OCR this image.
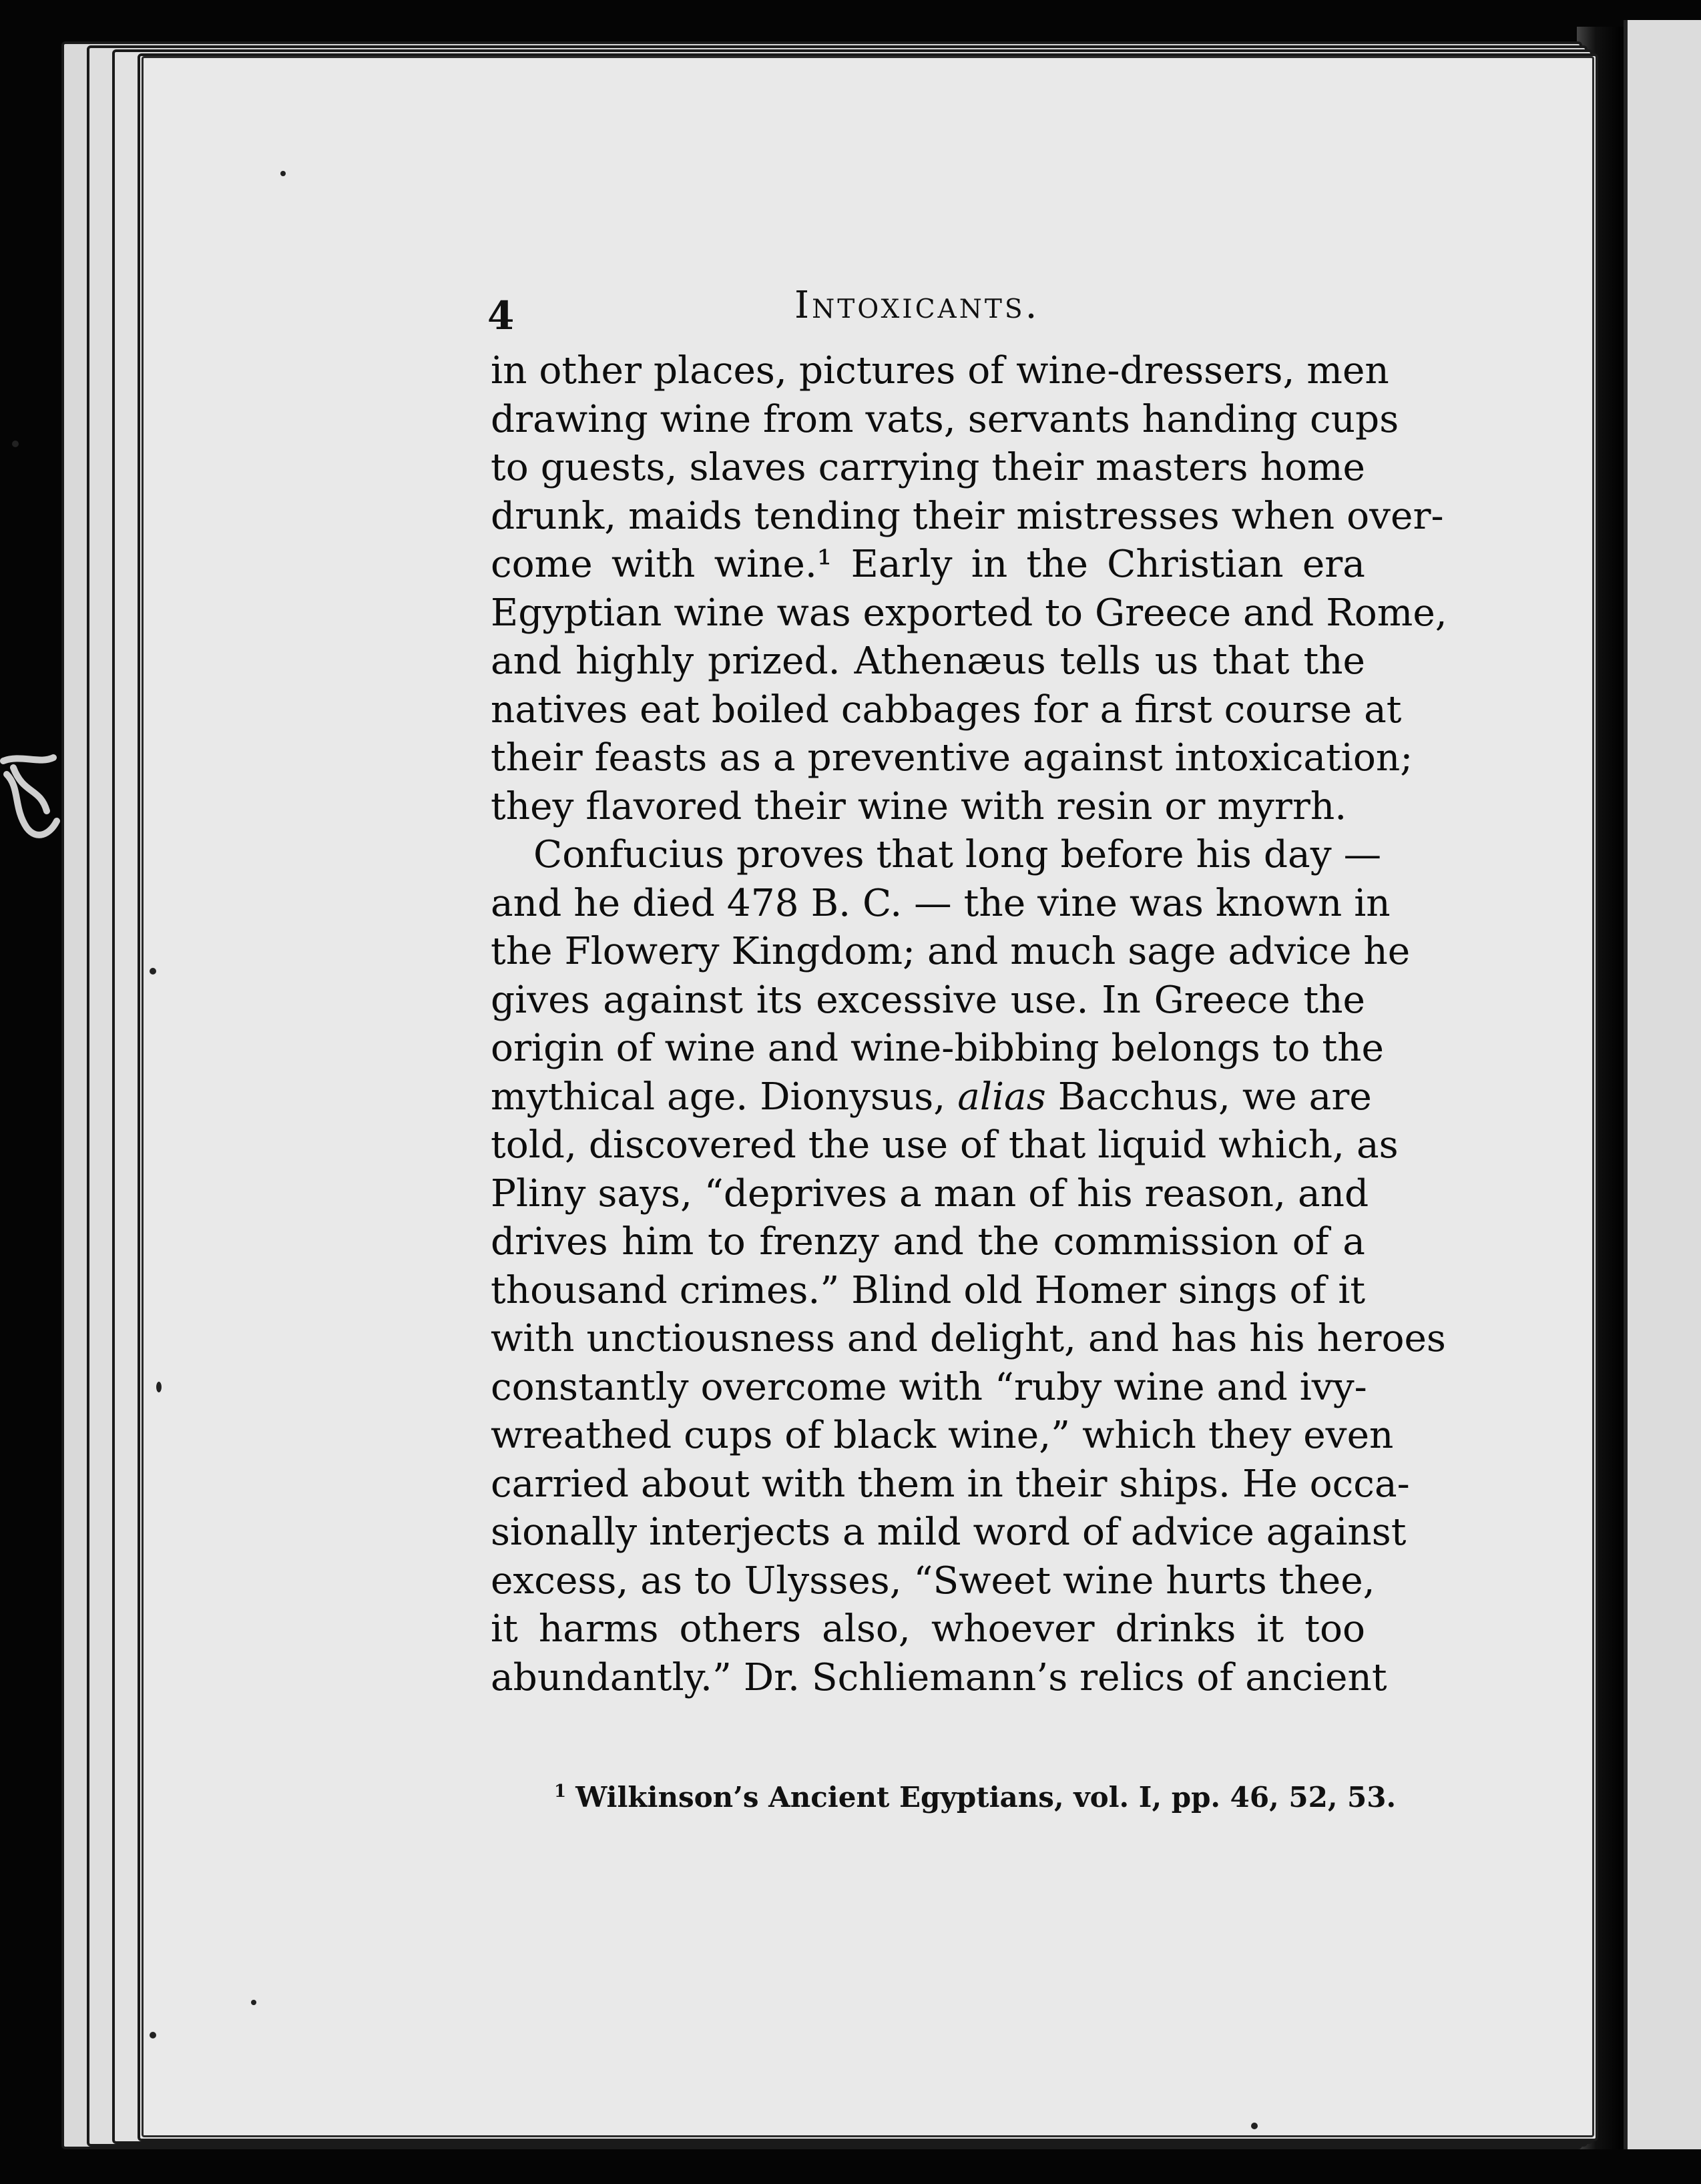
4	Intoxicants.
in other places, pictures of wine-dressers, men
drawing wine from vats, servants handing cups
to guests, slaves carrying their masters home
drunk, maids tending their mistresses when over-
come with wine.¹ Early in the Christian era
Egyptian wine was exported to Greece and Rome,
and highly prized. Athenæus tells us that the
natives eat boiled cabbages for a first course at
their feasts as a preventive against intoxication;
they flavored their wine with resin or myrrh.
Confucius proves that long before his day —
and he died 478 B. C. — the vine was known in
the Flowery Kingdom; and much sage advice he
gives against its excessive use. In Greece the
origin of wine and wine-bibbing belongs to the
mythical age. Dionysus, alias Bacchus, we are
told, discovered the use of that liquid which, as
Pliny says, “deprives a man of his reason, and
drives him to frenzy and the commission of a
thousand crimes.” Blind old Homer sings of it
with unctiousness and delight, and has his heroes
constantly overcome with “ruby wine and ivy-
wreathed cups of black wine,” which they even
carried about with them in their ships. He occa-
sionally interjects a mild word of advice against
excess, as to Ulysses, “Sweet wine hurts thee,
it harms others also, whoever drinks it too
abundantly.” Dr. Schliemann’s relics of ancient
$^1$ Wilkinson’s Ancient Egyptians, vol. I, pp. 46, 52, 53.
